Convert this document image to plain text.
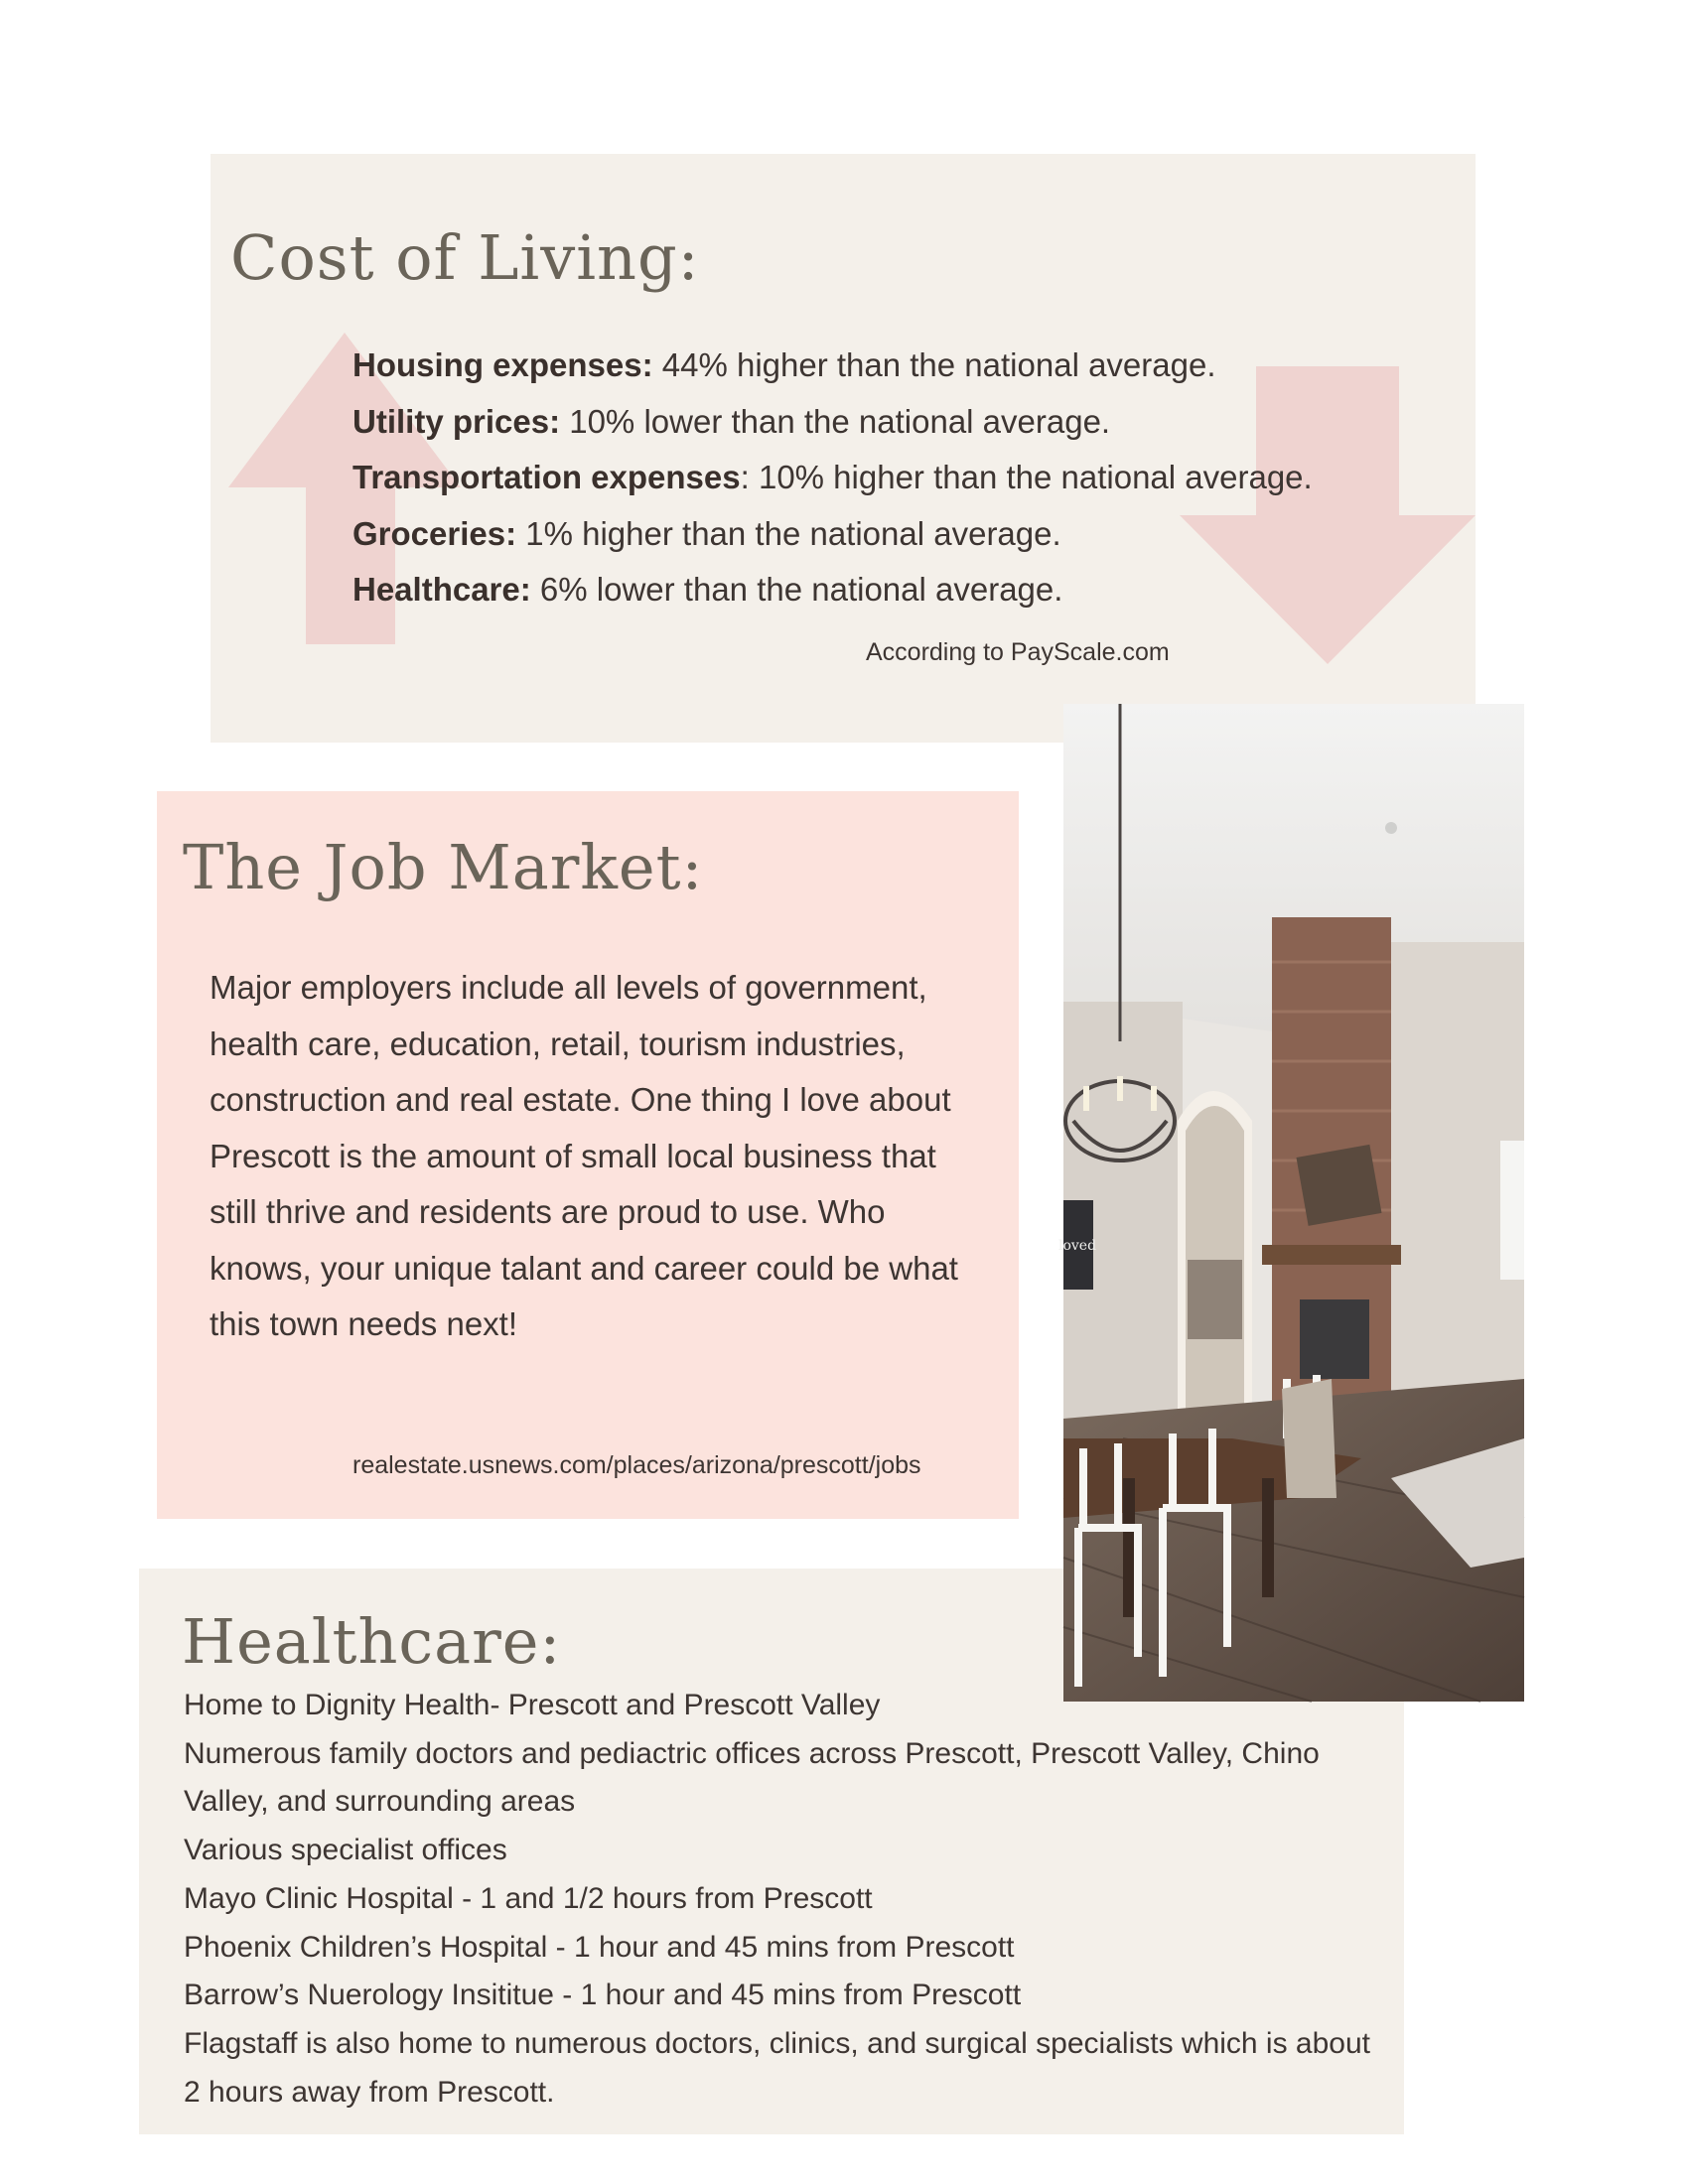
Cost of Living:
Housing expenses: 44% higher than the national average.
Utility prices: 10% lower than the national average.
Transportation expenses: 10% higher than the national average.
Groceries: 1% higher than the national average.
Healthcare: 6% lower than the national average.
According to PayScale.com
The Job Market:

Major employers include all levels of government, health care, education, retail, tourism industries, construction and real estate. One thing I love about Prescott is the amount of small local business that still thrive and residents are proud to use. Who knows, your unique talant and career could be what this town needs next!

realestate.usnews.com/places/arizona/prescott/jobs
Healthcare:
Home to Dignity Health- Prescott and Prescott Valley
Numerous family doctors and pediactric offices across Prescott, Prescott Valley, Chino Valley, and surrounding areas
Various specialist offices
Mayo Clinic Hospital - 1 and 1/2 hours from Prescott
Phoenix Children’s Hospital - 1 hour and 45 mins from Prescott
Barrow’s Nuerology Insititue - 1 hour and 45 mins from Prescott
Flagstaff is also home to numerous doctors, clinics, and surgical specialists which is about 2 hours away from Prescott.
loved
